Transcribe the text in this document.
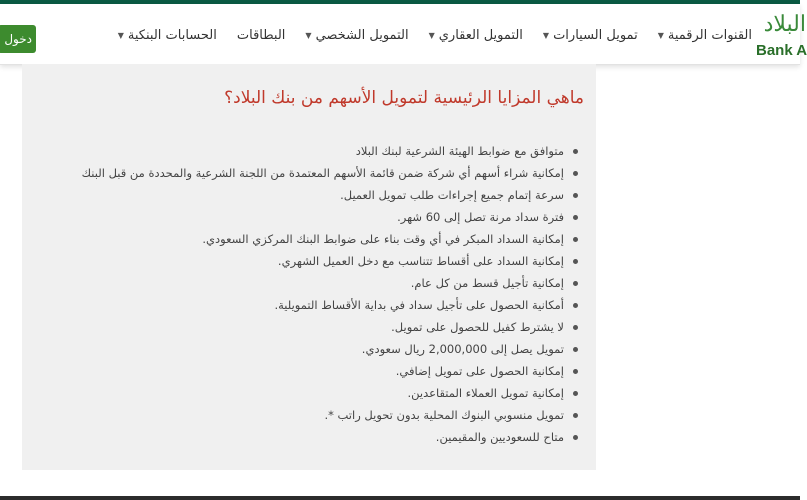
دخول	الحسابات البنكية
▼	البطاقات التمويل الشخصي
▼	التمويل العقاري
▼	تمويل السيارات
▼	القنوات الرقمية
▼	البلاد
Bank A
ماهي المزايا الرئيسية لتمويل الأسهم من بنك البلاد؟
متوافق مع ضوابط الهيئة الشرعية لبنك البلاد
إمكانية شراء أسهم أي شركة ضمن قائمة الأسهم المعتمدة من اللجنة الشرعية والمحددة من قبل البنك
سرعة إتمام جميع إجراءات طلب تمويل العميل.
فترة سداد مرنة تصل إلى 60 شهر.
إمكانية السداد المبكر في أي وقت بناء على ضوابط البنك المركزي السعودي.
إمكانية السداد على أقساط تتناسب مع دخل العميل الشهري.
إمكانية تأجيل قسط من كل عام.
أمكانية الحصول على تأجيل سداد في بداية الأقساط التمويلية.
لا يشترط كفيل للحصول على تمويل.
تمويل يصل إلى 2,000,000 ريال سعودي.
إمكانية الحصول على تمويل إضافي.
إمكانية تمويل العملاء المتقاعدين.
تمويل منسوبي البنوك المحلية بدون تحويل راتب *.
متاح للسعوديين والمقيمين.
